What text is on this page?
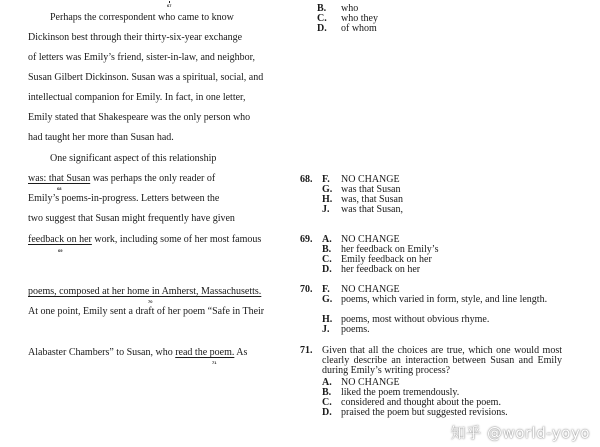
67
Perhaps the correspondent who came to know
Dickinson best through their thirty-six-year exchange
of letters was Emily’s friend, sister-in-law, and neighbor,
Susan Gilbert Dickinson. Susan was a spiritual, social, and
intellectual companion for Emily. In fact, in one letter,
Emily stated that Shakespeare was the only person who
had taught her more than Susan had.
One significant aspect of this relationship
was: that Susan was perhaps the only reader of
68
Emily’s poems-in-progress. Letters between the
two suggest that Susan might frequently have given
feedback on her work, including some of her most famous
69
poems, composed at her home in Amherst, Massachusetts.
70
At one point, Emily sent a draft of her poem “Safe in Their
Alabaster Chambers” to Susan, who read the poem. As
71
B. who
C. who they
D. of whom
68. F. NO CHANGE
G. was that Susan
H. was, that Susan
J. was that Susan,
69. A. NO CHANGE
B. her feedback on Emily’s
C. Emily feedback on her
D. her feedback on her
70. F. NO CHANGE
G. poems, which varied in form, style, and line length.
H. poems, most without obvious rhyme.
J. poems.
71. Given that all the choices are true, which one would most clearly describe an interaction between Susan and Emily during Emily’s writing process?
A. NO CHANGE
B. liked the poem tremendously.
C. considered and thought about the poem.
D. praised the poem but suggested revisions.
知乎 @world-yoyo
